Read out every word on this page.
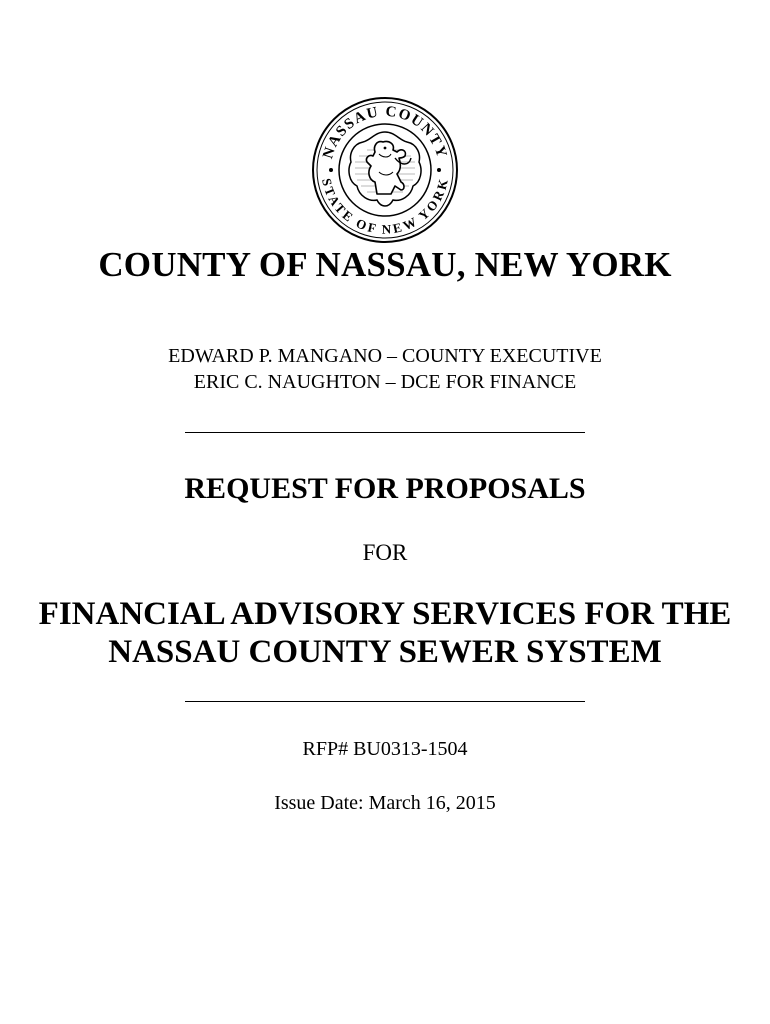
NASSAU COUNTY
STATE OF NEW YORK
COUNTY OF NASSAU, NEW YORK
EDWARD P. MANGANO – COUNTY EXECUTIVE
ERIC C. NAUGHTON – DCE FOR FINANCE
REQUEST FOR PROPOSALS
FOR
FINANCIAL ADVISORY SERVICES FOR THE
NASSAU COUNTY SEWER SYSTEM
RFP# BU0313-1504
Issue Date: March 16, 2015
